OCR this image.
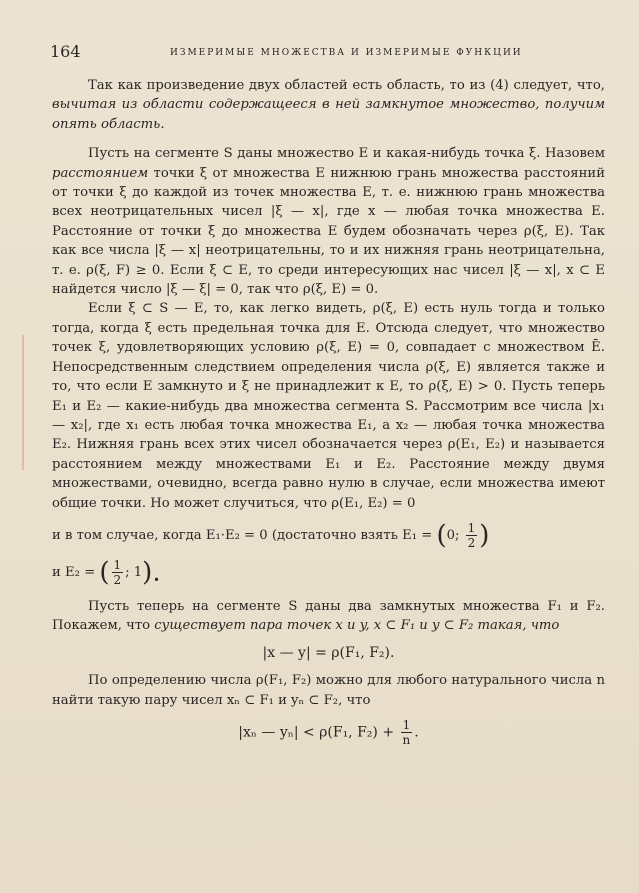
164	ИЗМЕРИМЫЕ МНОЖЕСТВА И ИЗМЕРИМЫЕ ФУНКЦИИ

Так как произведение двух областей есть область, то из (4) следует, что, вычитая из области содержащееся в ней замкнутое множество, получим опять область.

Пусть на сегменте S даны множество E и какая-нибудь точка ξ. Назовем расстоянием точки ξ от множества E нижнюю грань множества расстояний от точки ξ до каждой из точек множества E, т. е. нижнюю грань множества всех неотрицательных чисел |ξ — x|, где x — любая точка множества E. Расстояние от точки ξ до множества E будем обозначать через ρ(ξ, E). Так как все числа |ξ — x| неотрицательны, то и их нижняя грань неотрицательна, т. е. ρ(ξ, F) ≥ 0. Если ξ ⊂ E, то среди интересующих нас чисел |ξ — x|, x ⊂ E найдется число |ξ — ξ| = 0, так что ρ(ξ, E) = 0.

Если ξ ⊂ S — E, то, как легко видеть, ρ(ξ, E) есть нуль тогда и только тогда, когда ξ есть предельная точка для E. Отсюда следует, что множество точек ξ, удовлетворяющих условию ρ(ξ, E) = 0, совпадает с множеством Ē. Непосредственным следствием определения числа ρ(ξ, E) является также и то, что если E замкнуто и ξ не принадлежит к E, то ρ(ξ, E) > 0. Пусть теперь E₁ и E₂ — какие-нибудь два множества сегмента S. Рассмотрим все числа |x₁ — x₂|, где x₁ есть любая точка множества E₁, а x₂ — любая точка множества E₂. Нижняя грань всех этих чисел обозначается через ρ(E₁, E₂) и называется расстоянием между множествами E₁ и E₂. Расстояние между двумя множествами, очевидно, всегда равно нулю в случае, если множества имеют общие точки. Но может случиться, что ρ(E₁, E₂) = 0

и в том случае, когда E₁·E₂ = 0 (достаточно взять E₁ = (0; $\frac{1}{2}$ )

и E₂ = ( $\frac{1}{2}$ ; 1).

Пусть теперь на сегменте S даны два замкнутых множества F₁ и F₂. Покажем, что существует пара точек x и y, x ⊂ F₁ и y ⊂ F₂ такая, что

|x — y| = ρ(F₁, F₂).

По определению числа ρ(F₁, F₂) можно для любого натурального числа n найти такую пару чисел xₙ ⊂ F₁ и yₙ ⊂ F₂, что

|xₙ — yₙ| < ρ(F₁, $F_2) + \frac{1}{n}$ .
